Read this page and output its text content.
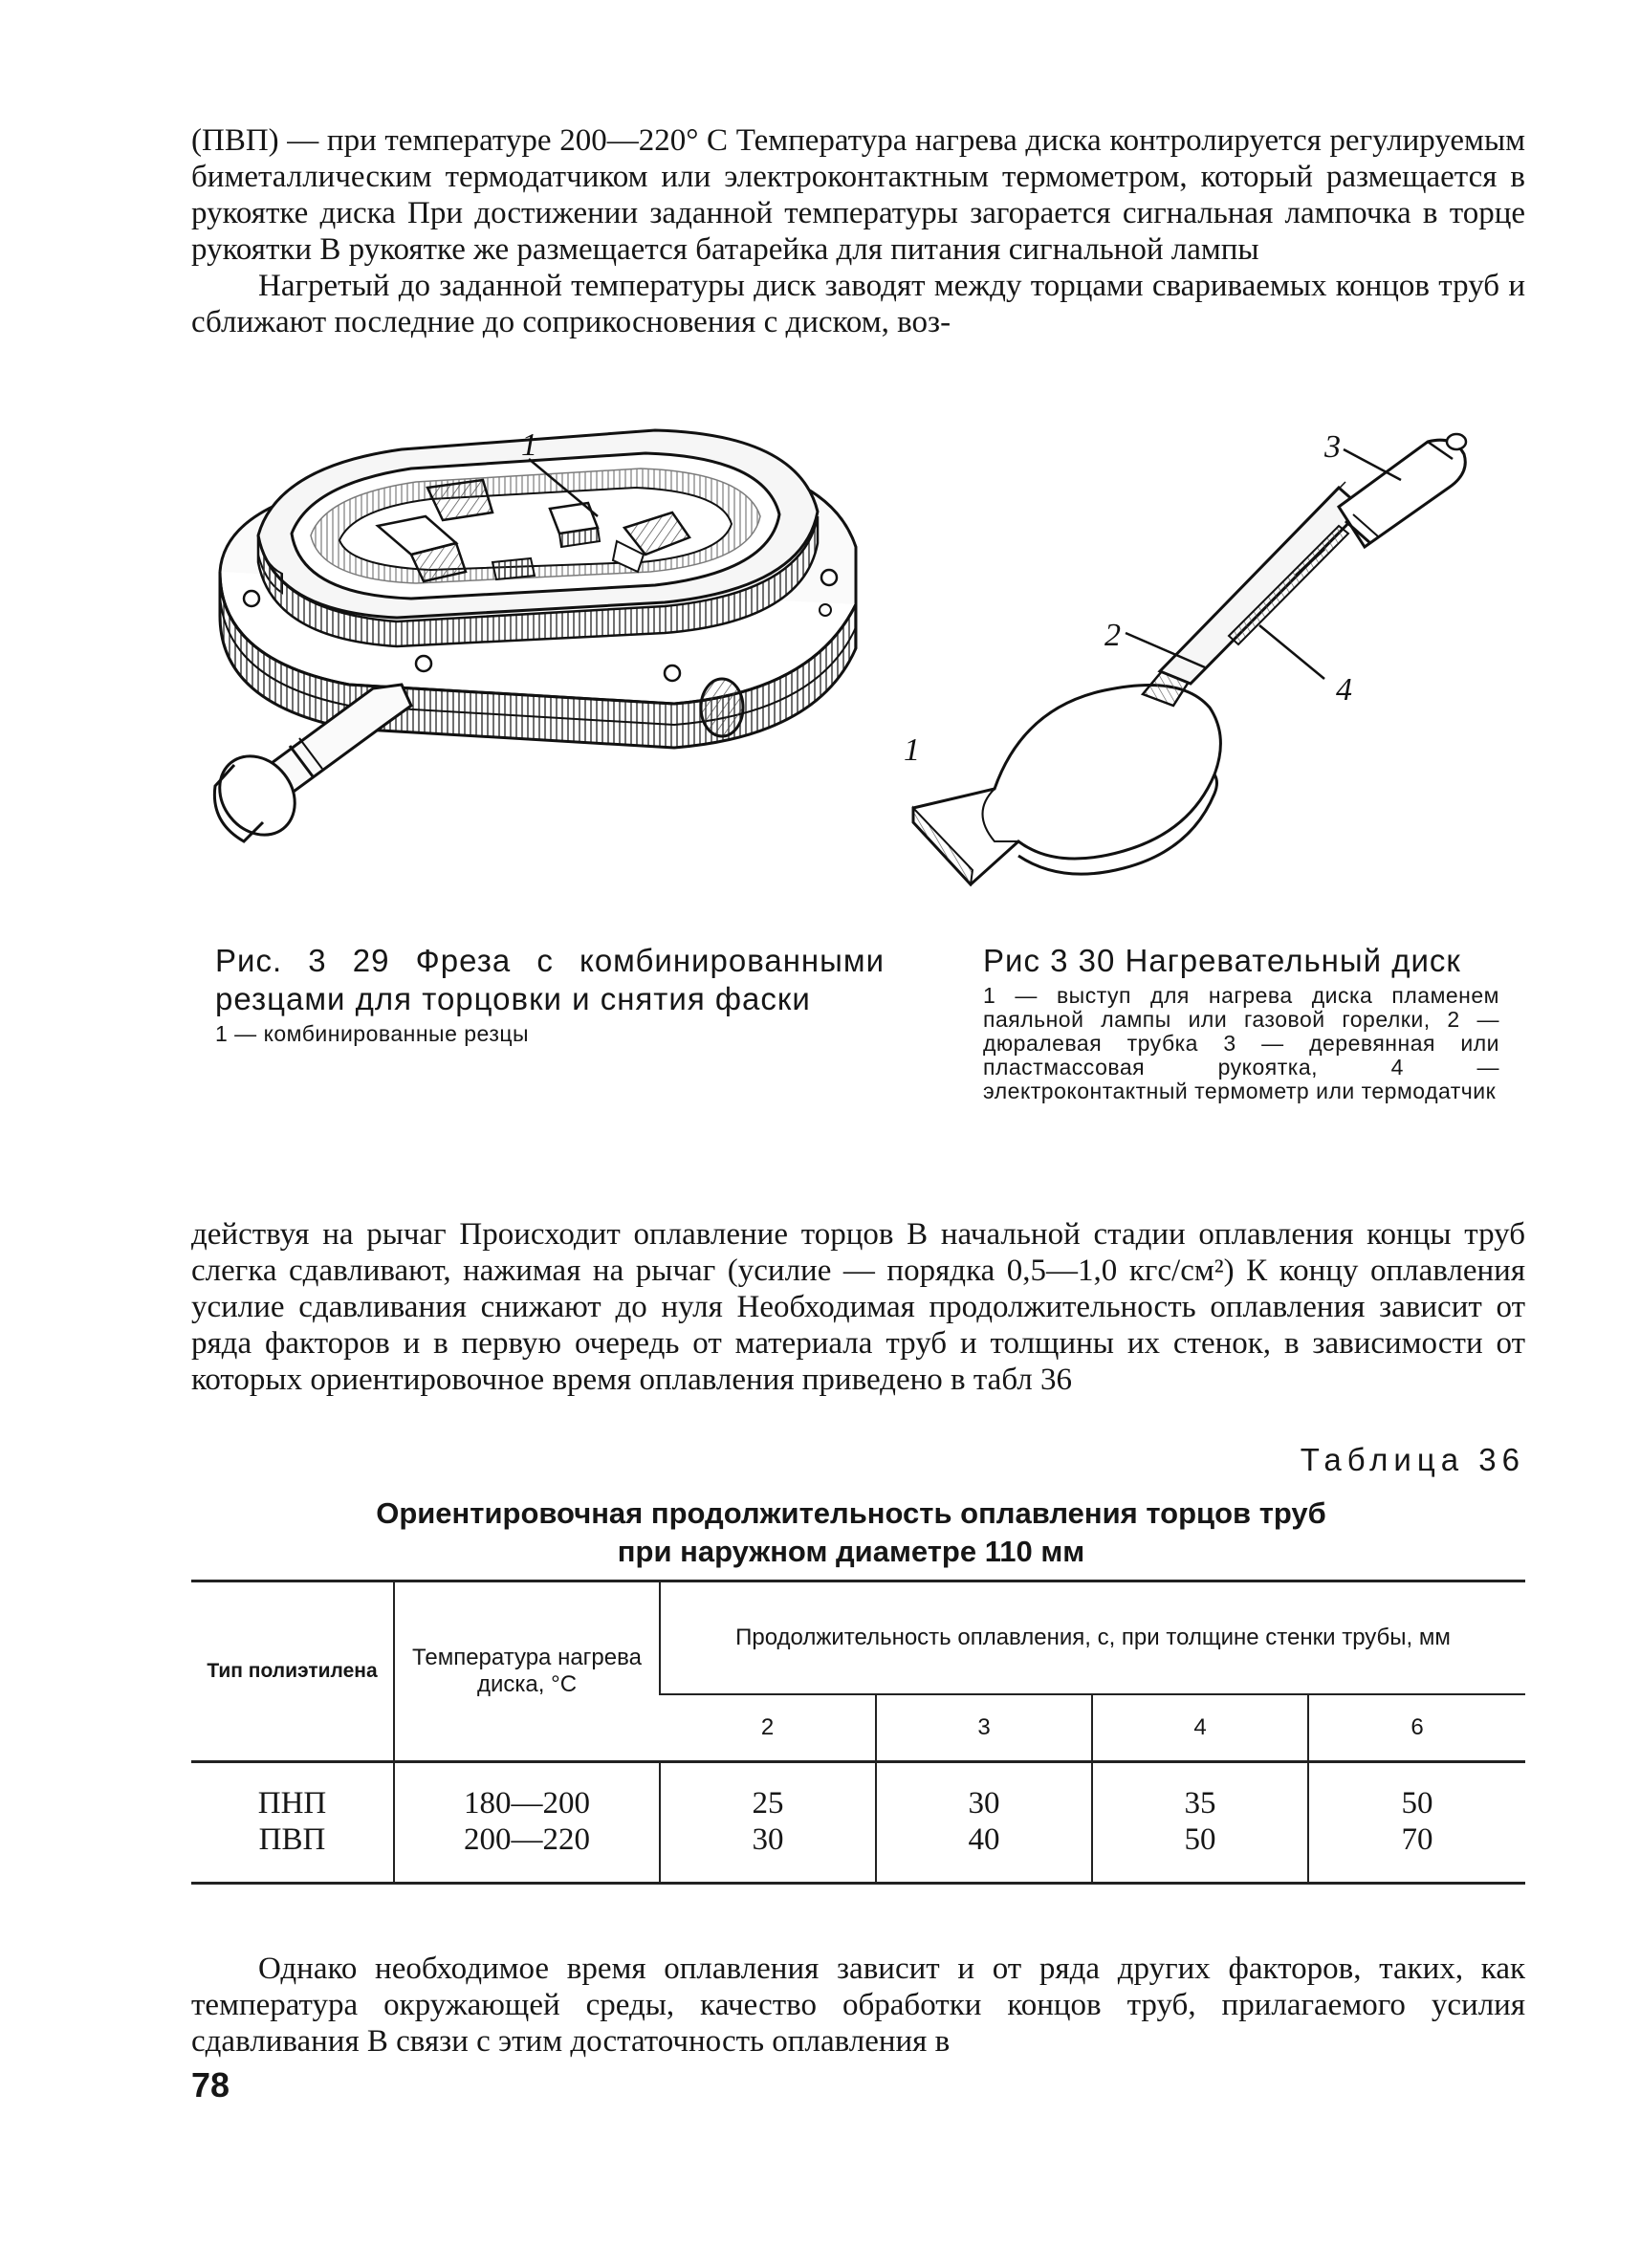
(ПВП) — при температуре 200—220° С Температура нагрева диска контролируется регулируемым биметаллическим термодатчиком или электроконтактным термометром, который размещается в рукоятке диска При достижении заданной температуры загорается сигнальная лампочка в торце рукоятки В рукоятке же размещается батарейка для питания сигнальной лампы

Нагретый до заданной температуры диск заводят между торцами свариваемых концов труб и сближают последние до соприкосновения с диском, воз-

1
1
2
3
4
Рис. 3 29 Фреза с комбинированными резцами для торцовки и снятия фаски
1 — комбинированные резцы
Рис 3 30 Нагревательный диск
1 — выступ для нагрева диска пламенем паяльной лампы или газовой горелки, 2 — дюралевая трубка 3 — деревянная или пластмассовая рукоятка, 4 — электроконтактный термометр или термодатчик

действуя на рычаг Происходит оплавление торцов В начальной стадии оплавления концы труб слегка сдавливают, нажимая на рычаг (усилие — порядка 0,5—1,0 кгс/см²) К концу оплавления усилие сдавливания снижают до нуля Необходимая продолжительность оплавления зависит от ряда факторов и в первую очередь от материала труб и толщины их стенок, в зависимости от которых ориентировочное время оплавления приведено в табл 36

Таблица 36
Ориентировочная продолжительность оплавления торцов труб
при наружном диаметре 110 мм
Тип полиэтилена	Температура нагрева диска, °С	Продолжительность оплавления, с, при толщине стенки трубы, мм			
		2	3	4	6
ПНП	180—200	25	30	35	50
ПВП	200—220	30	40	50	70

Однако необходимое время оплавления зависит и от ряда других факторов, таких, как температура окружающей среды, качество обработки концов труб, прилагаемого усилия сдавливания В связи с этим достаточность оплавления в

78
